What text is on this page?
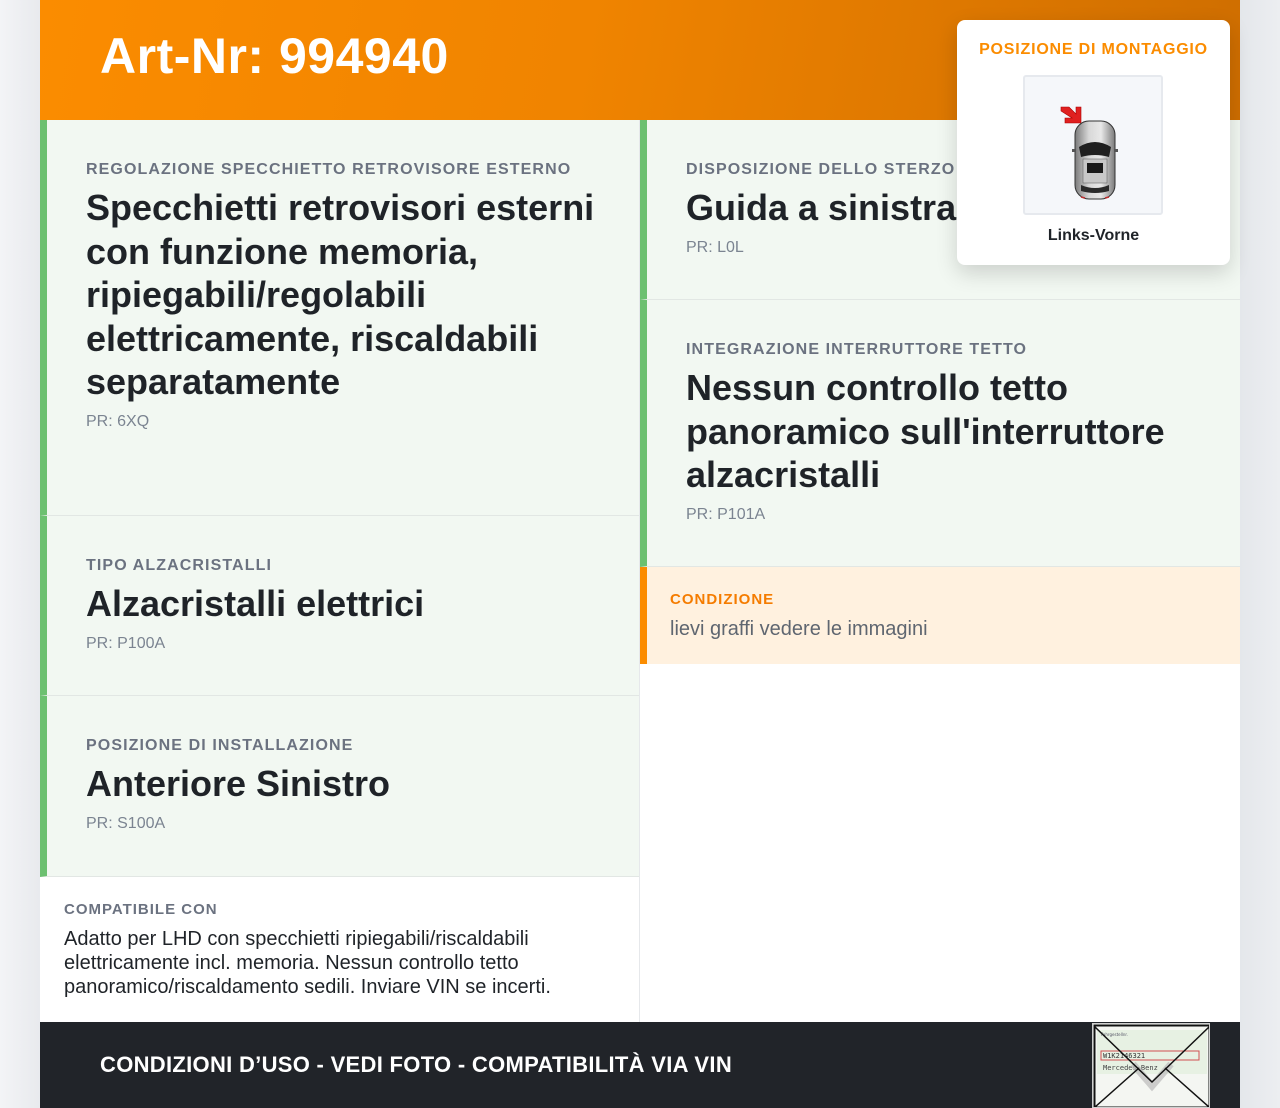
Art-Nr: 994940
REGOLAZIONE SPECCHIETTO RETROVISORE ESTERNO
Specchietti retrovisori esterni con funzione memoria, ripiegabili/regolabili elettricamente, riscaldabili separatamente
PR: 6XQ
TIPO ALZACRISTALLI
Alzacristalli elettrici
PR: P100A
POSIZIONE DI INSTALLAZIONE
Anteriore Sinistro
PR: S100A
COMPATIBILE CON
Adatto per LHD con specchietti ripiegabili/riscaldabili elettricamente incl. memoria. Nessun controllo tetto panoramico/riscaldamento sedili. Inviare VIN se incerti.
DISPOSIZIONE DELLO STERZO
Guida a sinistra
PR: L0L
INTEGRAZIONE INTERRUTTORE TETTO
Nessun controllo tetto panoramico sull'interruttore alzacristalli
PR: P101A
CONDIZIONE
lievi graffi vedere le immagini
CONDIZIONI D’USO - VEDI FOTO - COMPATIBILITÀ VIA VIN
Fahrgestellnr.
W1K2146321
Mercedes-Benz
POSIZIONE DI MONTAGGIO
Links-Vorne
